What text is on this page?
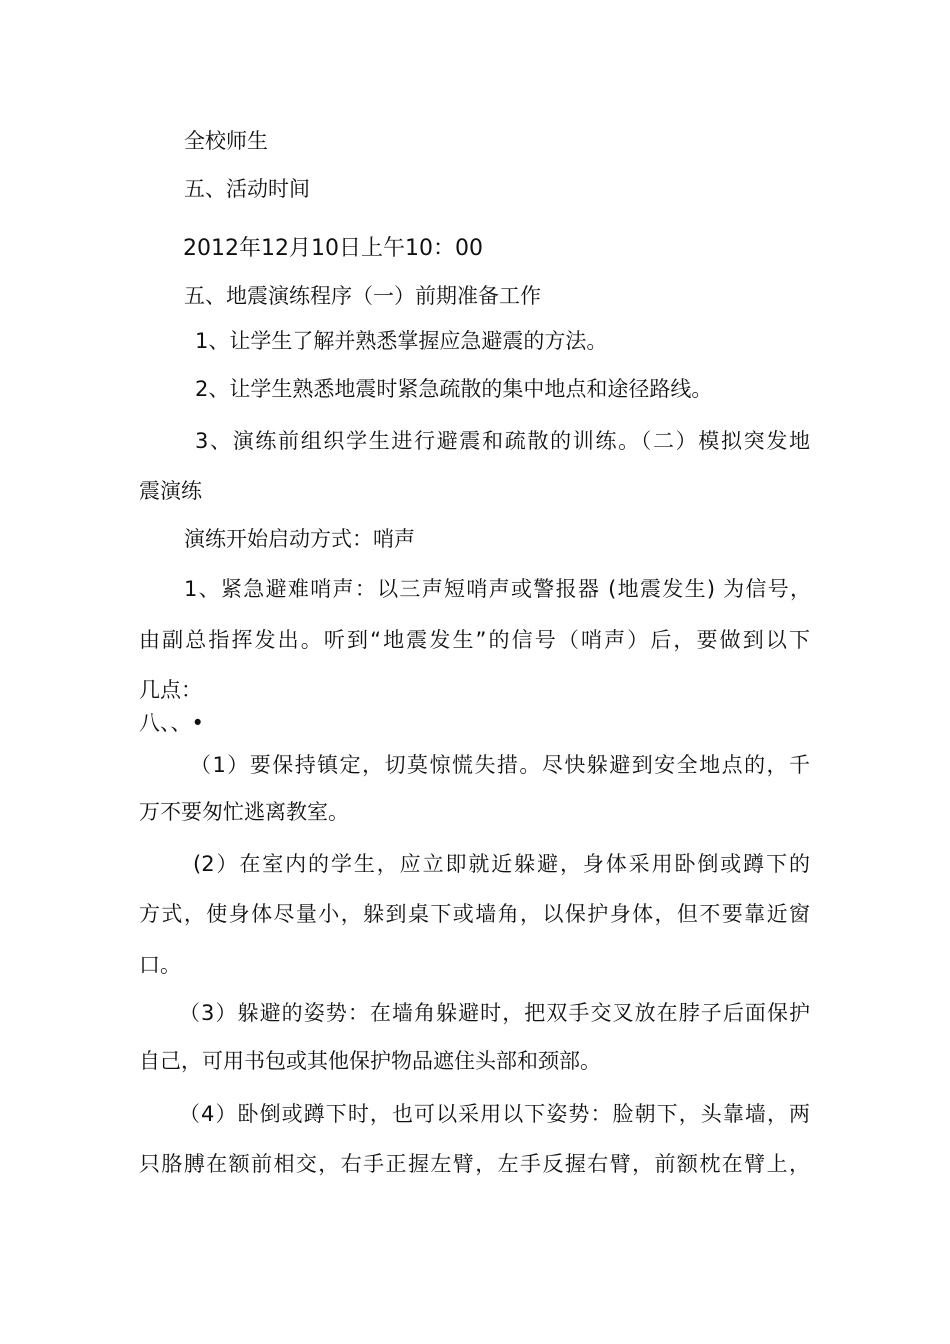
全校师生
五、活动时间
2012年12月10日上午10：00
五、地震演练程序（一）前期准备工作
1、让学生了解并熟悉掌握应急避震的方法。
2、让学生熟悉地震时紧急疏散的集中地点和途径路线。
3、演练前组织学生进行避震和疏散的训练。（二）模拟突发地
震演练
演练开始启动方式：哨声
1、紧急避难哨声：以三声短哨声或警报器 (地震发生) 为信号，
由副总指挥发出。听到“地震发生”的信号（哨声）后，要做到以下
几点：
八、、•
（1）要保持镇定，切莫惊慌失措。尽快躲避到安全地点的，千
万不要匆忙逃离教室。
(2）在室内的学生，应立即就近躲避，身体采用卧倒或蹲下的
方式，使身体尽量小，躲到桌下或墙角，以保护身体，但不要靠近窗
口。
（3）躲避的姿势：在墙角躲避时，把双手交叉放在脖子后面保护
自己，可用书包或其他保护物品遮住头部和颈部。
（4）卧倒或蹲下时，也可以采用以下姿势：脸朝下，头靠墙，两
只胳膊在额前相交，右手正握左臂，左手反握右臂，前额枕在臂上，
